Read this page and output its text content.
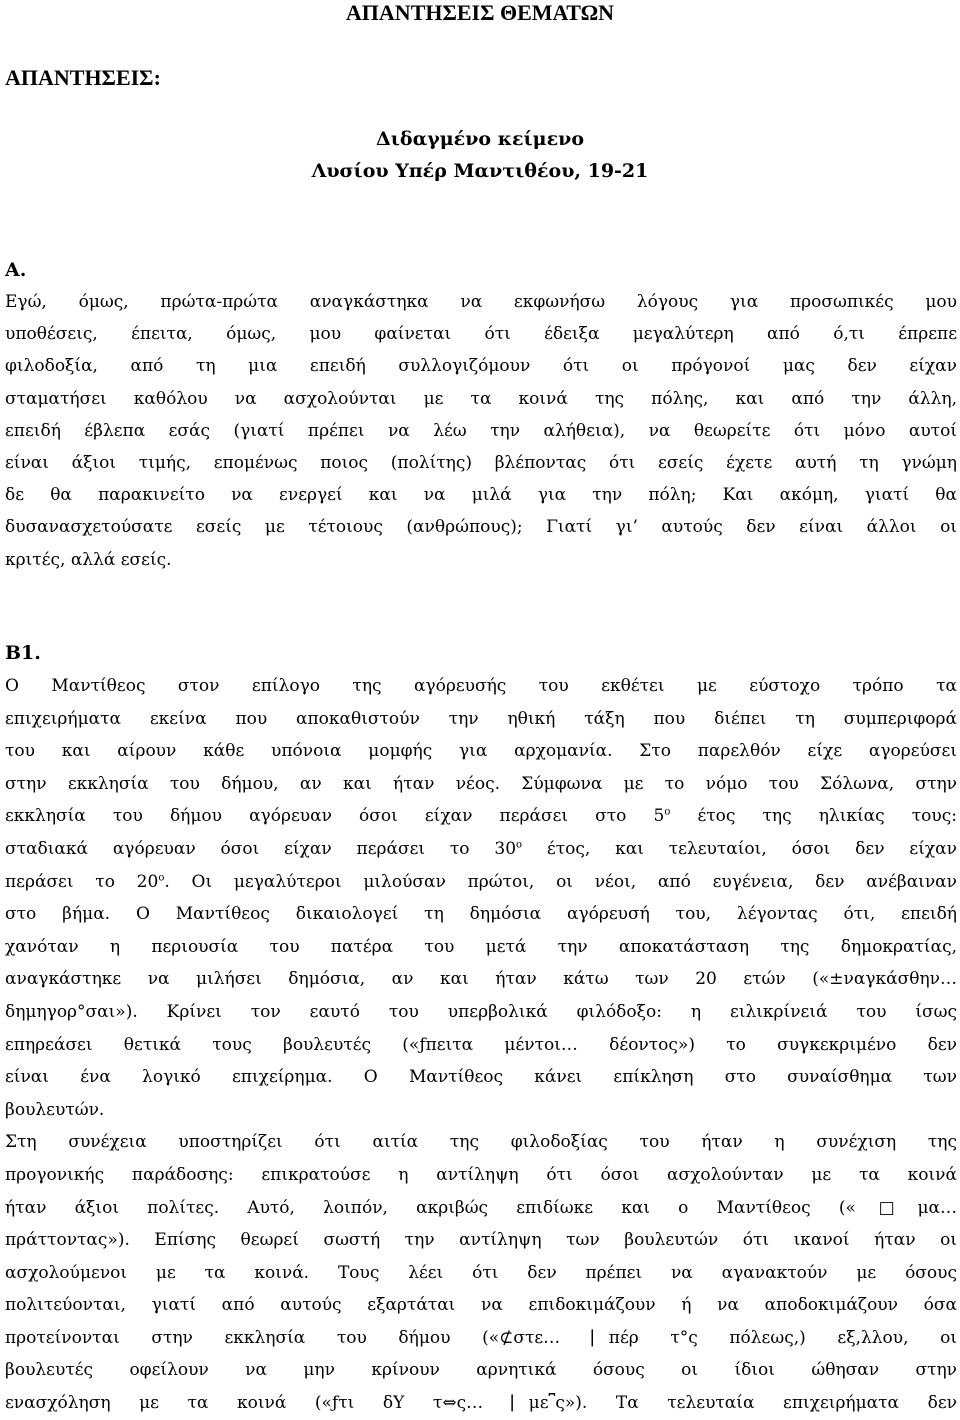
ΑΠΑΝΤΗΣΕΙΣ ΘΕΜΑΤΩΝ
ΑΠΑΝΤΗΣΕΙΣ:
Διδαγμένο κείμενο
Λυσίου Υπέρ Μαντιθέου, 19-21
Α.
Εγώ, όμως, πρώτα-πρώτα αναγκάστηκα να εκφωνήσω λόγους για προσωπικές μου
υποθέσεις, έπειτα, όμως, μου φαίνεται ότι έδειξα μεγαλύτερη από ό,τι έπρεπε
φιλοδοξία, από τη μια επειδή συλλογιζόμουν ότι οι πρόγονοί μας δεν είχαν
σταματήσει καθόλου να ασχολούνται με τα κοινά της πόλης, και από την άλλη,
επειδή έβλεπα εσάς (γιατί πρέπει να λέω την αλήθεια), να θεωρείτε ότι μόνο αυτοί
είναι άξιοι τιμής, επομένως ποιος (πολίτης) βλέποντας ότι εσείς έχετε αυτή τη γνώμη
δε θα παρακινείτο να ενεργεί και να μιλά για την πόλη; Και ακόμη, γιατί θα
δυσανασχετούσατε εσείς με τέτοιους (ανθρώπους); Γιατί γι’ αυτούς δεν είναι άλλοι οι
κριτές, αλλά εσείς.
Β1.
Ο Μαντίθεος στον επίλογο της αγόρευσής του εκθέτει με εύστοχο τρόπο τα
επιχειρήματα εκείνα που αποκαθιστούν την ηθική τάξη που διέπει τη συμπεριφορά
του και αίρουν κάθε υπόνοια μομφής για αρχομανία. Στο παρελθόν είχε αγορεύσει
στην εκκλησία του δήμου, αν και ήταν νέος. Σύμφωνα με το νόμο του Σόλωνα, στην
εκκλησία του δήμου αγόρευαν όσοι είχαν περάσει στο $5^o$ έτος της ηλικίας τους:
σταδιακά αγόρευαν όσοι είχαν περάσει το $30^o$ έτος, και τελευταίοι, όσοι δεν είχαν
περάσει το $20^o$. Οι μεγαλύτεροι μιλούσαν πρώτοι, οι νέοι, από ευγένεια, δεν ανέβαιναν
στο βήμα. Ο Μαντίθεος δικαιολογεί τη δημόσια αγόρευσή του, λέγοντας ότι, επειδή
χανόταν η περιουσία του πατέρα του μετά την αποκατάσταση της δημοκρατίας,
αναγκάστηκε να μιλήσει δημόσια, αν και ήταν κάτω των 20 ετών («±ναγκάσθην…
δημηγορ°σαι»). Κρίνει τον εαυτό του υπερβολικά φιλόδοξο: η ειλικρίνειά του ίσως
επηρεάσει θετικά τους βουλευτές («ƒπειτα μέντοι… δέοντος») το συγκεκριμένο δεν
είναι ένα λογικό επιχείρημα. Ο Μαντίθεος κάνει επίκληση στο συναίσθημα των
βουλευτών.
Στη συνέχεια υποστηρίζει ότι αιτία της φιλοδοξίας του ήταν η συνέχιση της
προγονικής παράδοσης: επικρατούσε η αντίληψη ότι όσοι ασχολούνταν με τα κοινά
ήταν άξιοι πολίτες. Αυτό, λοιπόν, ακριβώς επιδίωκε και ο Μαντίθεος («□μα…
πράττοντας»). Επίσης θεωρεί σωστή την αντίληψη των βουλευτών ότι ικανοί ήταν οι
ασχολούμενοι με τα κοινά. Τους λέει ότι δεν πρέπει να αγανακτούν με όσους
πολιτεύονται, γιατί από αυτούς εξαρτάται να επιδοκιμάζουν ή να αποδοκιμάζουν όσα
προτείνονται στην εκκλησία του δήμου («⊄στε… ⎸πέρ τ°ς πόλεως,) εξ‚λλου, οι
βουλευτές οφείλουν να μην κρίνουν αρνητικά όσους οι ίδιοι ώθησαν στην
ενασχόληση με τα κοινά («ƒτι δΥ τ⇔ς… ⎸με⎴ς»). Τα τελευταία επιχειρήματα δεν
